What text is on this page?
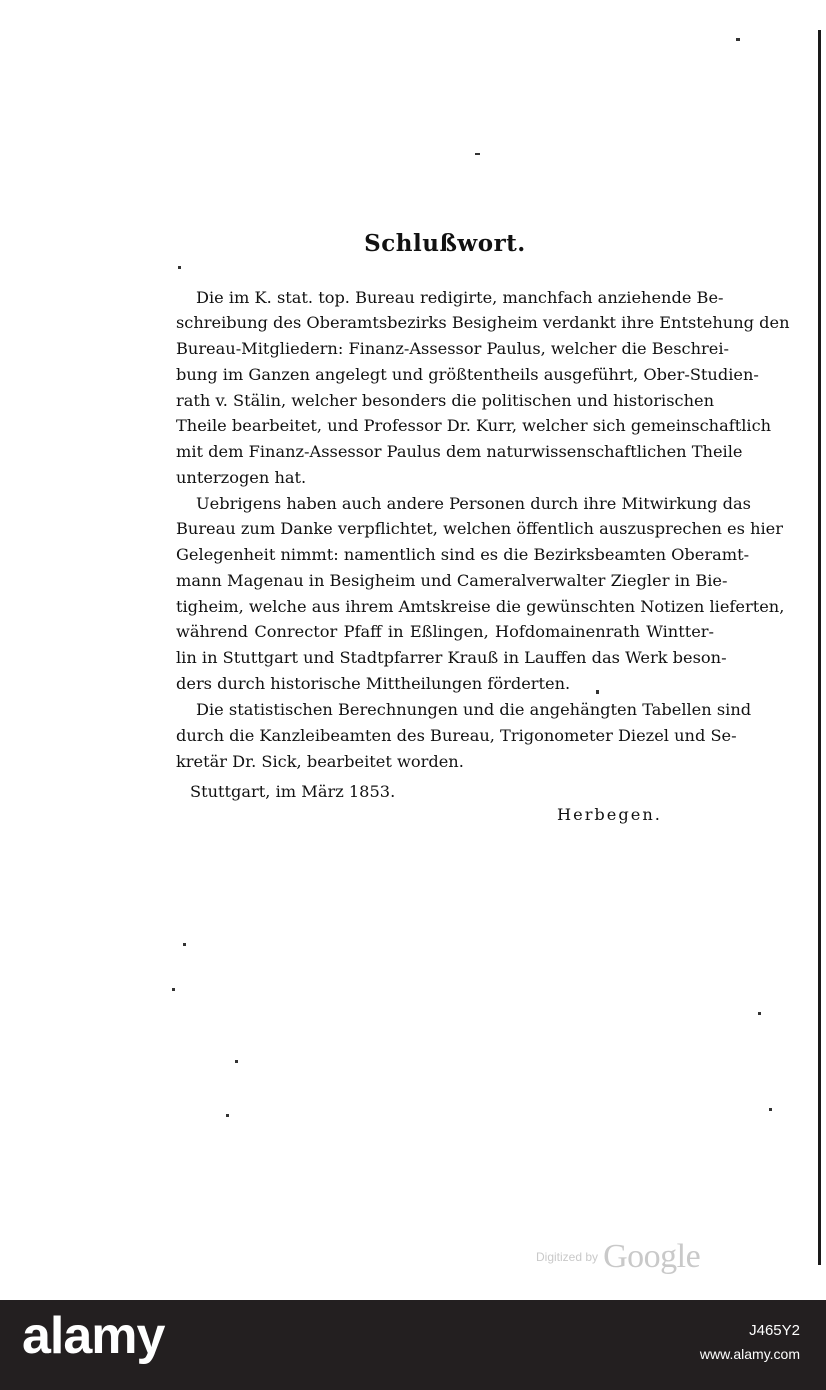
Schlußwort.
Die im K. stat. top. Bureau redigirte, manchfach anziehende Be-
schreibung des Oberamtsbezirks Besigheim verdankt ihre Entstehung den
Bureau-Mitgliedern: Finanz-Assessor Paulus, welcher die Beschrei-
bung im Ganzen angelegt und größtentheils ausgeführt, Ober-Studien-
rath v. Stälin, welcher besonders die politischen und historischen
Theile bearbeitet, und Professor Dr. Kurr, welcher sich gemeinschaftlich
mit dem Finanz-Assessor Paulus dem naturwissenschaftlichen Theile
unterzogen hat.
Uebrigens haben auch andere Personen durch ihre Mitwirkung das
Bureau zum Danke verpflichtet, welchen öffentlich auszusprechen es hier
Gelegenheit nimmt: namentlich sind es die Bezirksbeamten Oberamt-
mann Magenau in Besigheim und Cameralverwalter Ziegler in Bie-
tigheim, welche aus ihrem Amtskreise die gewünschten Notizen lieferten,
während Conrector Pfaff in Eßlingen, Hofdomainenrath Wintter-
lin in Stuttgart und Stadtpfarrer Krauß in Lauffen das Werk beson-
ders durch historische Mittheilungen förderten.
Die statistischen Berechnungen und die angehängten Tabellen sind
durch die Kanzleibeamten des Bureau, Trigonometer Diezel und Se-
kretär Dr. Sick, bearbeitet worden.
Stuttgart, im März 1853.
Herbegen.
Digitized by Google
alamy	J465Y2
www.alamy.com
